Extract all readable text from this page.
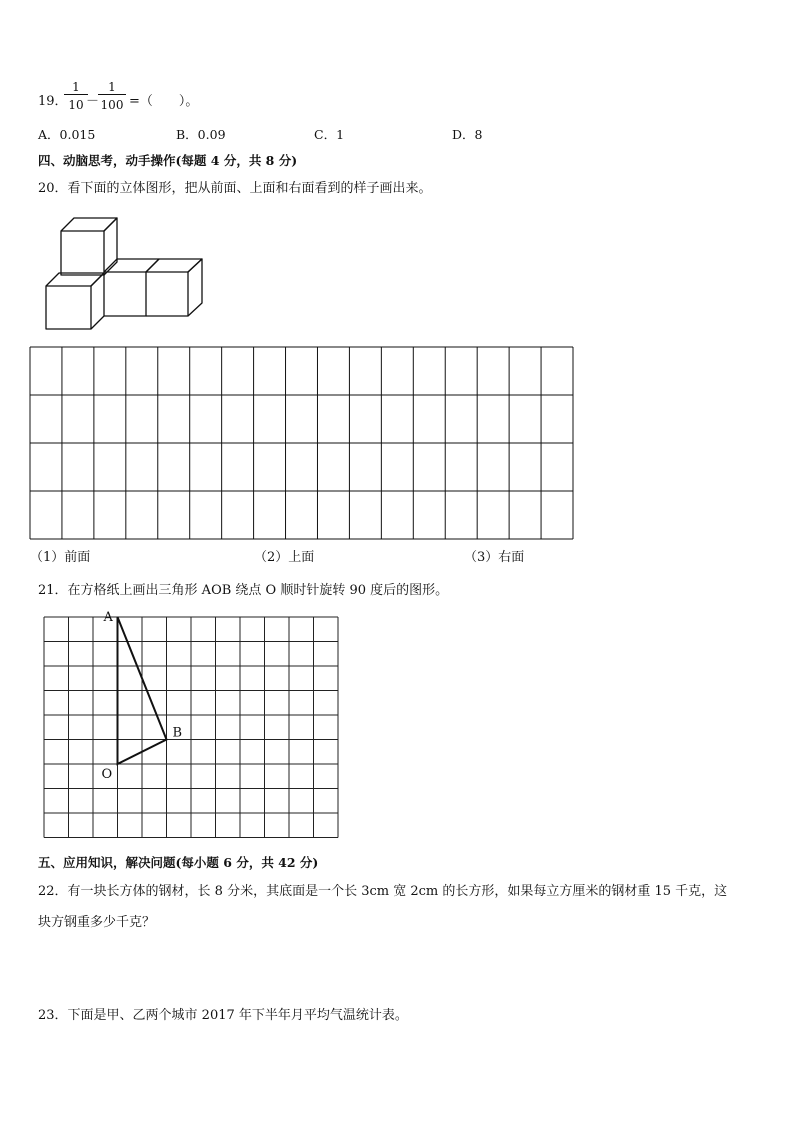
19．
$\frac{1}{10}$
－
$\frac{1}{100}$ =（　　）。
A．0.015	B．0.09	C．1	D．8
四、动脑思考，动手操作(每题 4 分，共 8 分)
20．看下面的立体图形，把从前面、上面和右面看到的样子画出来。
（1）前面	（2）上面	（3）右面
21．在方格纸上画出三角形 AOB 绕点 O 顺时针旋转 90 度后的图形。
A
B
O
五、应用知识，解决问题(每小题 6 分，共 42 分)
22．有一块长方体的钢材，长 8 分米，其底面是一个长 3cm 宽 2cm 的长方形，如果每立方厘米的钢材重 15 千克，这
块方钢重多少千克？
23．下面是甲、乙两个城市 2017 年下半年月平均气温统计表。
